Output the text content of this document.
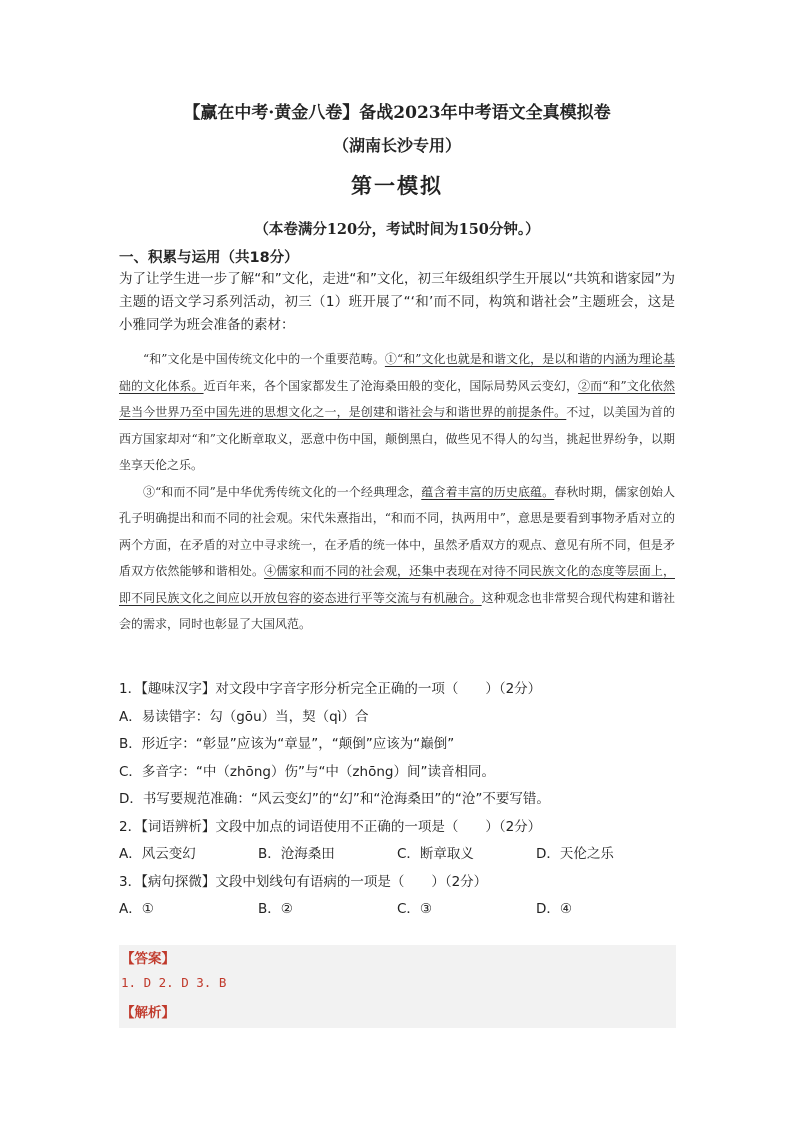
【赢在中考·黄金八卷】备战2023年中考语文全真模拟卷
（湖南长沙专用）
第一模拟
（本卷满分120分，考试时间为150分钟。）
一、积累与运用（共18分）
为了让学生进一步了解“和”文化，走进“和”文化，初三年级组织学生开展以“共筑和谐家园”为主题的语文学习系列活动，初三（1）班开展了“‘和’而不同，构筑和谐社会”主题班会，这是小雅同学为班会准备的素材：

“和”文化是中国传统文化中的一个重要范畴。①“和”文化也就是和谐文化，是以和谐的内涵为理论基础的文化体系。近百年来，各个国家都发生了沧海桑田般的变化，国际局势风云变幻，②而“和”文化依然是当今世界乃至中国先进的思想文化之一，是创建和谐社会与和谐世界的前提条件。不过，以美国为首的西方国家却对“和”文化断章取义，恶意中伤中国，颠倒黑白，做些见不得人的勾当，挑起世界纷争，以期坐享天伦之乐。

③“和而不同”是中华优秀传统文化的一个经典理念，蕴含着丰富的历史底蕴。春秋时期，儒家创始人孔子明确提出和而不同的社会观。宋代朱熹指出，“和而不同，执两用中”，意思是要看到事物矛盾对立的两个方面，在矛盾的对立中寻求统一，在矛盾的统一体中，虽然矛盾双方的观点、意见有所不同，但是矛盾双方依然能够和谐相处。④儒家和而不同的社会观，还集中表现在对待不同民族文化的态度等层面上，即不同民族文化之间应以开放包容的姿态进行平等交流与有机融合。这种观念也非常契合现代构建和谐社会的需求，同时也彰显了大国风范。

1．【趣味汉字】对文段中字音字形分析完全正确的一项（　　）（2分）
A．易读错字：勾（gōu）当，契（qì）合
B．形近字：“彰显”应该为“章显”，“颠倒”应该为“巅倒”
C．多音字：“中（zhōng）伤”与“中（zhōng）间”读音相同。
D．书写要规范准确：“风云变幻”的“幻”和“沧海桑田”的“沧”不要写错。
2．【词语辨析】文段中加点的词语使用不正确的一项是（　　）（2分）
A．风云变幻	B．沧海桑田	C．断章取义	D．天伦之乐
3．【病句探微】文段中划线句有语病的一项是（　　）（2分）
A．①	B．②	C．③	D．④
【答案】
1. D 2. D 3. B
【解析】
